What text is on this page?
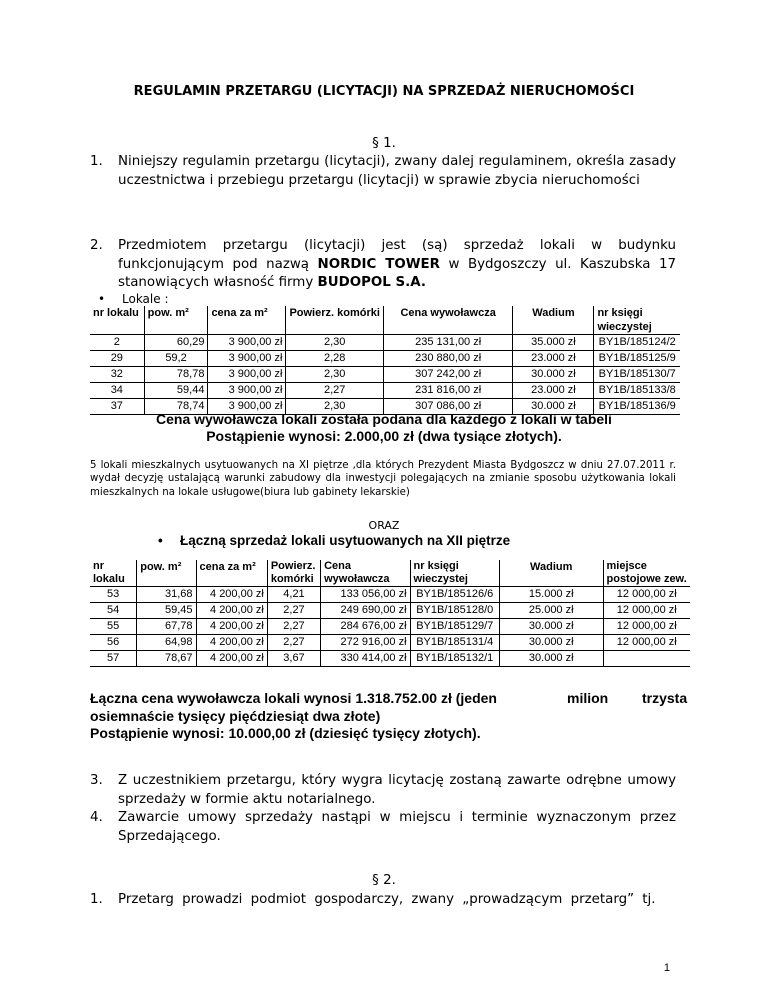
REGULAMIN PRZETARGU (LICYTACJI) NA SPRZEDAŻ NIERUCHOMOŚCI
§ 1.
1. Niniejszy regulamin przetargu (licytacji), zwany dalej regulaminem, określa zasady uczestnictwa i przebiegu przetargu (licytacji) w sprawie zbycia nieruchomości
2. Przedmiotem przetargu (licytacji) jest (są) sprzedaż lokali w budynku funkcjonującym pod nazwą NORDIC TOWER w Bydgoszczy ul. Kaszubska 17 stanowiących własność firmy BUDOPOL S.A.
• Lokale :
nr lokalu	pow. m²	cena za m²	Powierz. komórki	Cena wywoławcza	Wadium	nr księgi wieczystej
2	60,29	3 900,00 zł	2,30	235 131,00 zł	35.000 zł	BY1B/185124/2
29	59,2	3 900,00 zł	2,28	230 880,00 zł	23.000 zł	BY1B/185125/9
32	78,78	3 900,00 zł	2,30	307 242,00 zł	30.000 zł	BY1B/185130/7
34	59,44	3 900,00 zł	2,27	231 816,00 zł	23.000 zł	BY1B/185133/8
37	78,74	3 900,00 zł	2,30	307 086,00 zł	30.000 zł	BY1B/185136/9
Cena wywoławcza lokali została podana dla każdego z lokali w tabeli
Postąpienie wynosi: 2.000,00 zł (dwa tysiące złotych).
5 lokali mieszkalnych usytuowanych na XI piętrze ,dla których Prezydent Miasta Bydgoszcz w dniu 27.07.2011 r. wydał decyzję ustalającą warunki zabudowy dla inwestycji polegających na zmianie sposobu użytkowania lokali mieszkalnych na lokale usługowe(biura lub gabinety lekarskie)
ORAZ
• Łączną sprzedaż lokali usytuowanych na XII piętrze
nr lokalu	pow. m²	cena za m²	Powierz. komórki	Cena wywoławcza	nr księgi wieczystej	Wadium	miejsce postojowe zew.
53	31,68	4 200,00 zł	4,21	133 056,00 zł	BY1B/185126/6	15.000 zł	12 000,00 zł
54	59,45	4 200,00 zł	2,27	249 690,00 zł	BY1B/185128/0	25.000 zł	12 000,00 zł
55	67,78	4 200,00 zł	2,27	284 676,00 zł	BY1B/185129/7	30.000 zł	12 000,00 zł
56	64,98	4 200,00 zł	2,27	272 916,00 zł	BY1B/185131/4	30.000 zł	12 000,00 zł
57	78,67	4 200,00 zł	3,67	330 414,00 zł	BY1B/185132/1	30.000 zł	
Łączna cena wywoławcza lokali wynosi 1.318.752.00 zł (jeden	milion trzysta
osiemnaście tysięcy pięćdziesiąt dwa złote)
Postąpienie wynosi: 10.000,00 zł (dziesięć tysięcy złotych).
3. Z uczestnikiem przetargu, który wygra licytację zostaną zawarte odrębne umowy sprzedaży w formie aktu notarialnego.
4. Zawarcie umowy sprzedaży nastąpi w miejscu i terminie wyznaczonym przez Sprzedającego.
§ 2.
1. Przetarg prowadzi podmiot gospodarczy, zwany „prowadzącym przetarg” tj.
1
